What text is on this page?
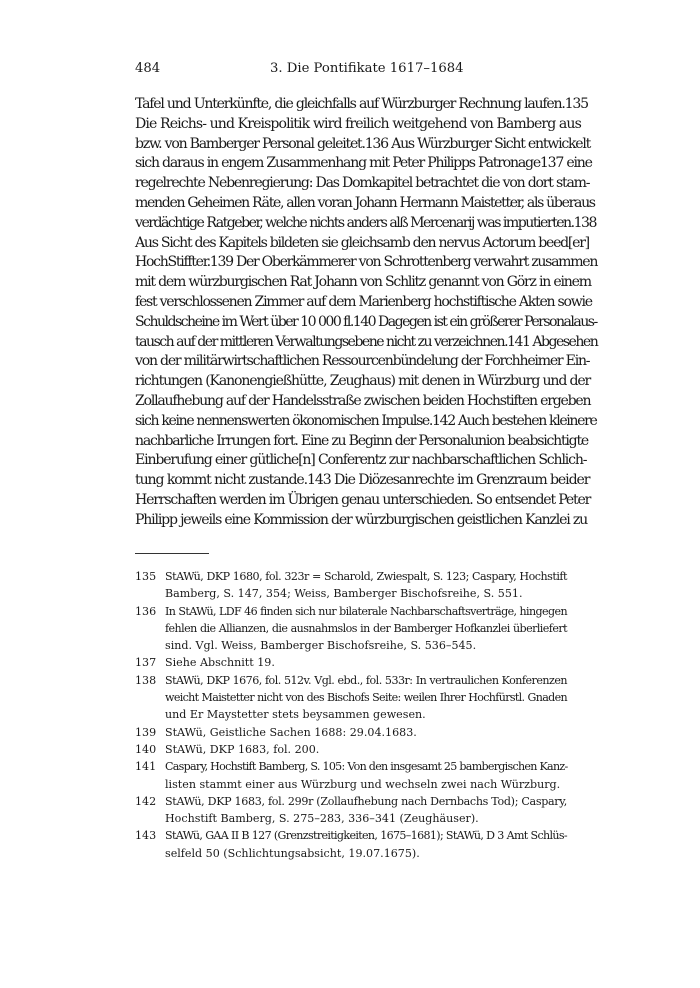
484	3. Die Pontifikate 1617–1684
Tafel und Unterkünfte, die gleichfalls auf Würzburger Rechnung laufen.135
Die Reichs- und Kreispolitik wird freilich weitgehend von Bamberg aus
bzw. von Bamberger Personal geleitet.136 Aus Würzburger Sicht entwickelt
sich daraus in engem Zusammenhang mit Peter Philipps Patronage137 eine
regelrechte Nebenregierung: Das Domkapitel betrachtet die von dort stam-
menden Geheimen Räte, allen voran Johann Hermann Maistetter, als überaus
verdächtige Ratgeber, welche nichts anders alß Mercenarij was imputierten.138
Aus Sicht des Kapitels bildeten sie gleichsamb den nervus Actorum beed[er]
HochStiffter.139 Der Oberkämmerer von Schrottenberg verwahrt zusammen
mit dem würzburgischen Rat Johann von Schlitz genannt von Görz in einem
fest verschlossenen Zimmer auf dem Marienberg hochstiftische Akten sowie
Schuldscheine im Wert über 10 000 fl.140 Dagegen ist ein größerer Personalaus-
tausch auf der mittleren Verwaltungsebene nicht zu verzeichnen.141 Abgesehen
von der militärwirtschaftlichen Ressourcenbündelung der Forchheimer Ein-
richtungen (Kanonengießhütte, Zeughaus) mit denen in Würzburg und der
Zollaufhebung auf der Handelsstraße zwischen beiden Hochstiften ergeben
sich keine nennenswerten ökonomischen Impulse.142 Auch bestehen kleinere
nachbarliche Irrungen fort. Eine zu Beginn der Personalunion beabsichtigte
Einberufung einer gütliche[n] Conferentz zur nachbarschaftlichen Schlich-
tung kommt nicht zustande.143 Die Diözesanrechte im Grenzraum beider
Herrschaften werden im Übrigen genau unterschieden. So entsendet Peter
Philipp jeweils eine Kommission der würzburgischen geistlichen Kanzlei zu
135 StAWü, DKP 1680, fol. 323r = Scharold, Zwiespalt, S. 123; Caspary, Hochstift
Bamberg, S. 147, 354; Weiss, Bamberger Bischofsreihe, S. 551.
136 In StAWü, LDF 46 finden sich nur bilaterale Nachbarschaftsverträge, hingegen
fehlen die Allianzen, die ausnahmslos in der Bamberger Hofkanzlei überliefert
sind. Vgl. Weiss, Bamberger Bischofsreihe, S. 536–545.
137 Siehe Abschnitt 19.
138 StAWü, DKP 1676, fol. 512v. Vgl. ebd., fol. 533r: In vertraulichen Konferenzen
weicht Maistetter nicht von des Bischofs Seite: weilen Ihrer Hochfürstl. Gnaden
und Er Maystetter stets beysammen gewesen.
139 StAWü, Geistliche Sachen 1688: 29.04.1683.
140 StAWü, DKP 1683, fol. 200.
141 Caspary, Hochstift Bamberg, S. 105: Von den insgesamt 25 bambergischen Kanz-
listen stammt einer aus Würzburg und wechseln zwei nach Würzburg.
142 StAWü, DKP 1683, fol. 299r (Zollaufhebung nach Dernbachs Tod); Caspary,
Hochstift Bamberg, S. 275–283, 336–341 (Zeughäuser).
143 StAWü, GAA II B 127 (Grenzstreitigkeiten, 1675–1681); StAWü, D 3 Amt Schlüs-
selfeld 50 (Schlichtungsabsicht, 19.07.1675).
